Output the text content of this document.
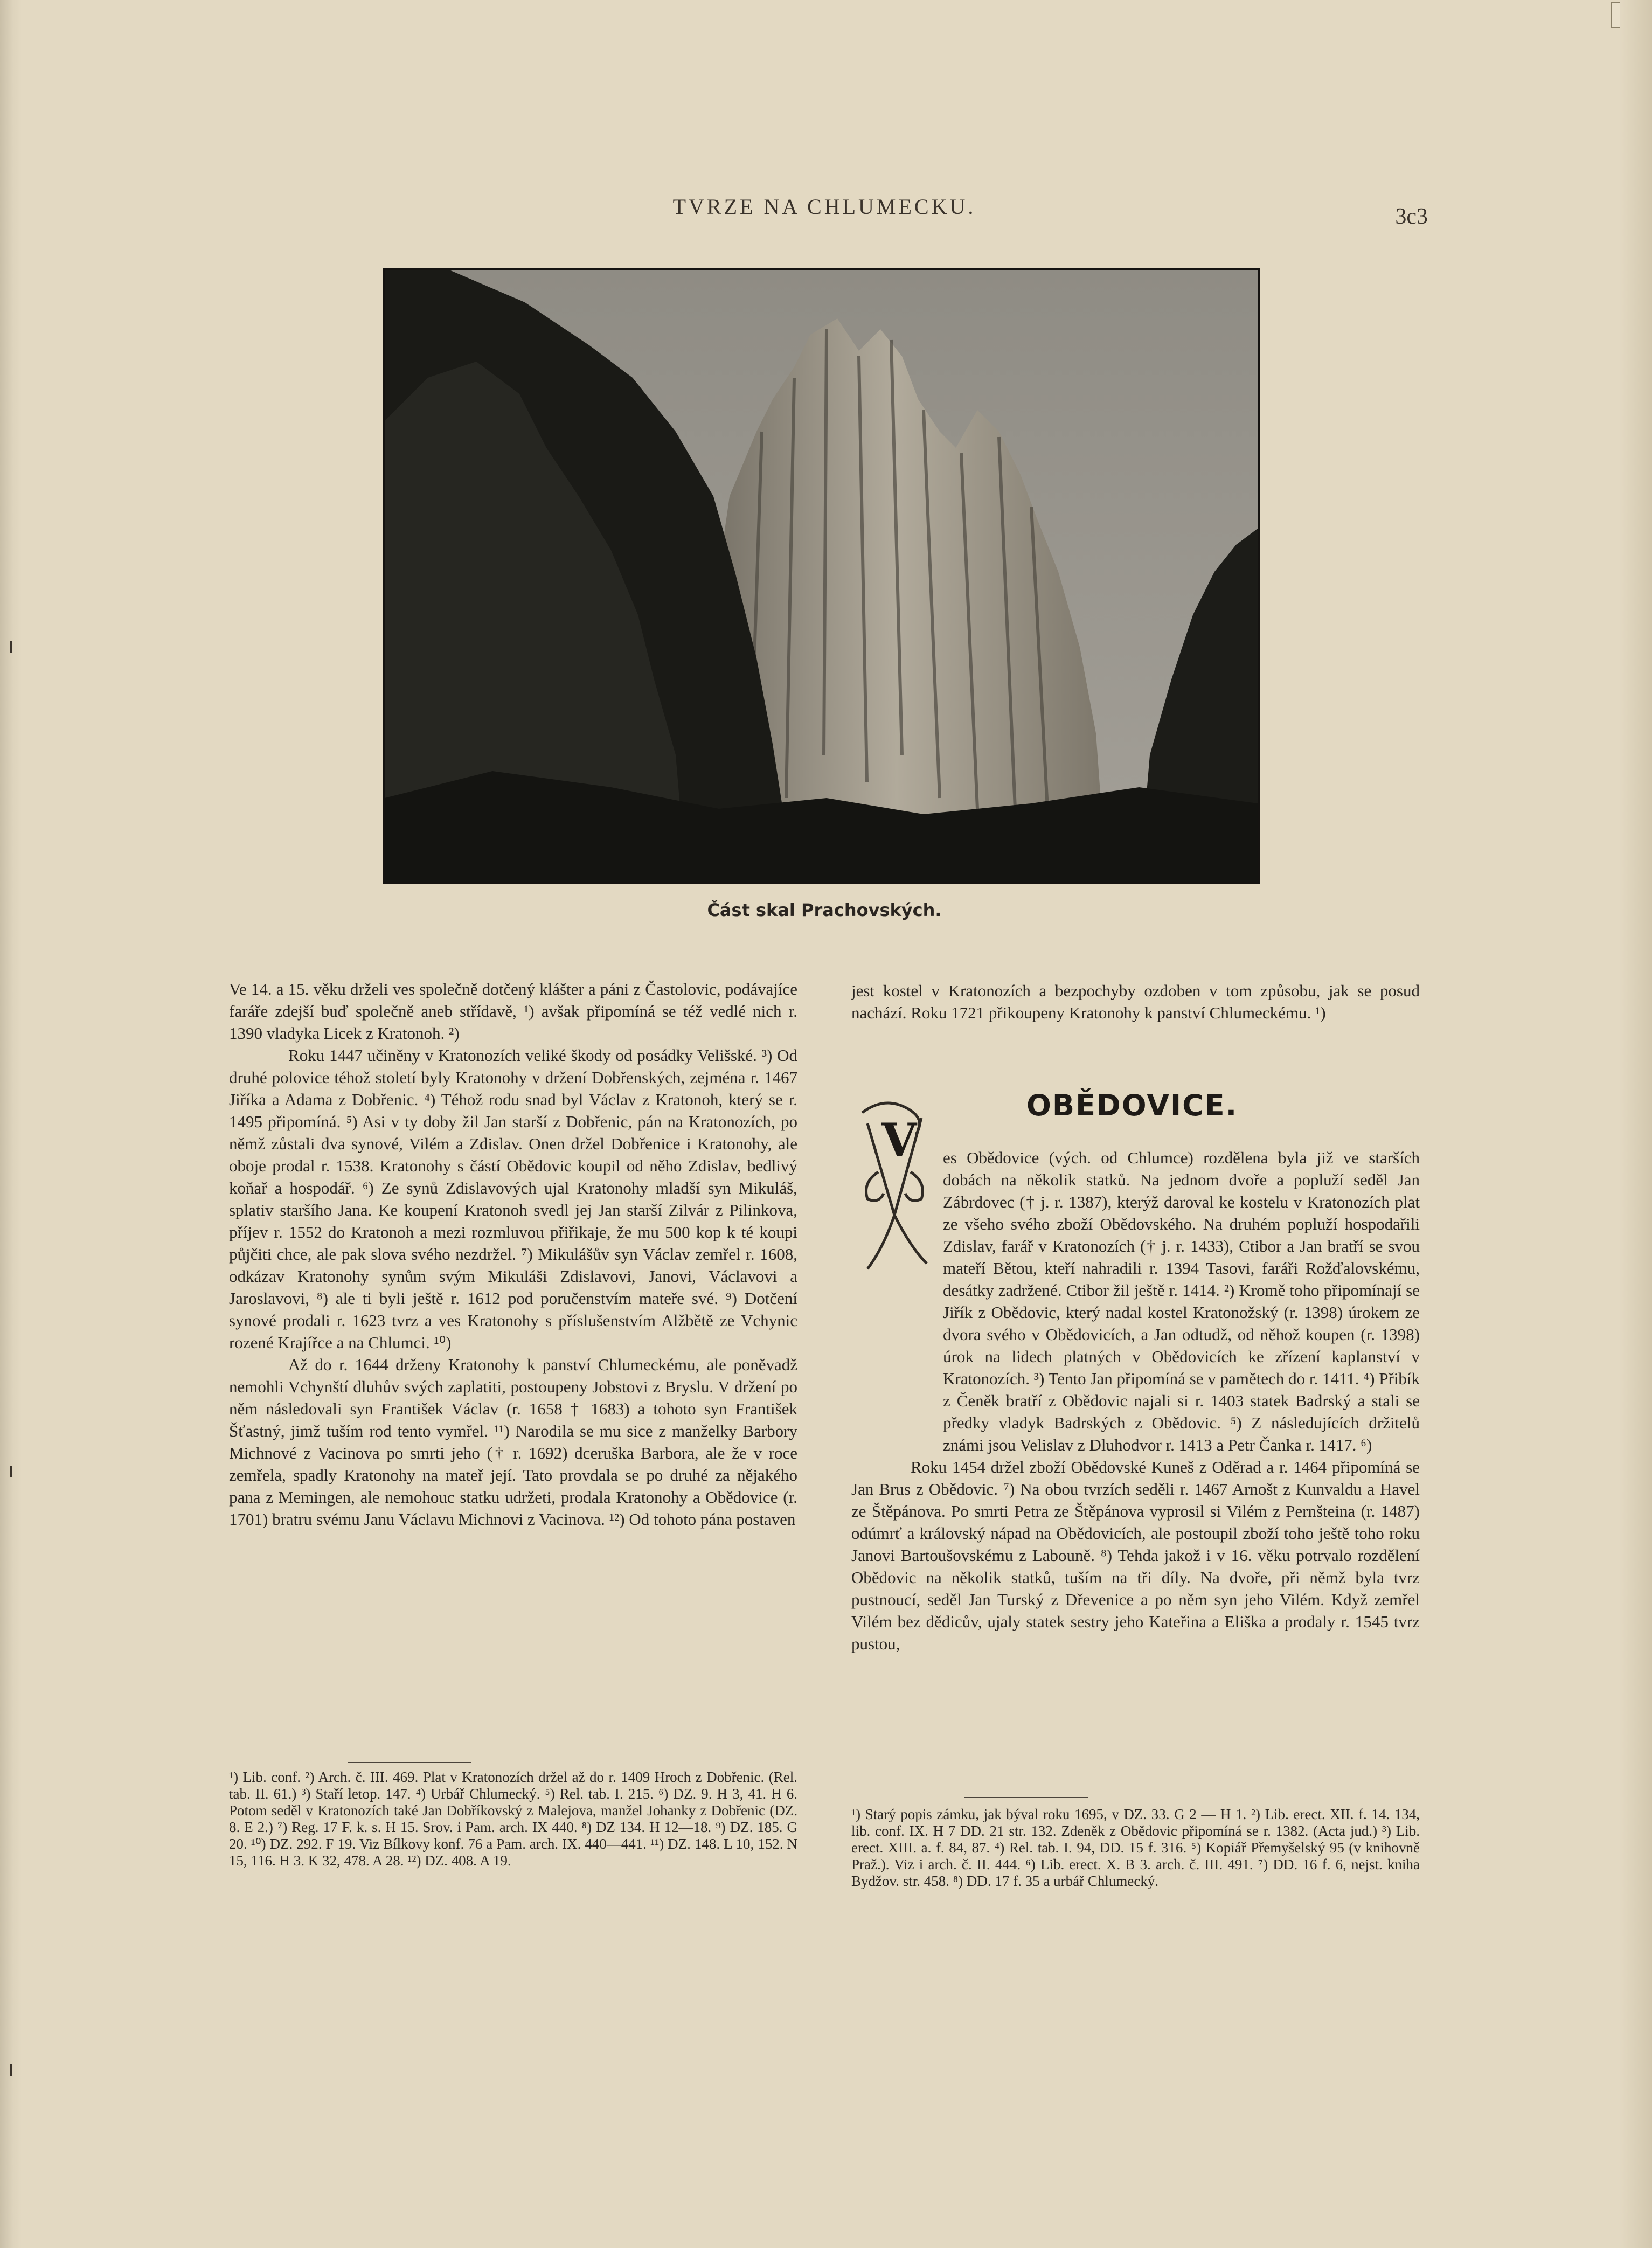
TVRZE NA CHLUMECKU.	3c3
Část skal Prachovských.

Ve 14. a 15. věku drželi ves společně dotčený klášter a páni z Častolovic, podávajíce faráře zdejší buď společně aneb střídavě, ¹) avšak připomíná se též vedlé nich r. 1390 vladyka Licek z Kratonoh. ²)

Roku 1447 učiněny v Kratonozích veliké škody od posádky Velišské. ³) Od druhé polovice téhož století byly Kratonohy v držení Dobřenských, zejména r. 1467 Jiříka a Adama z Dobřenic. ⁴) Téhož rodu snad byl Václav z Kratonoh, který se r. 1495 připomíná. ⁵) Asi v ty doby žil Jan starší z Dobřenic, pán na Kratonozích, po němž zůstali dva synové, Vilém a Zdislav. Onen držel Dobřenice i Kratonohy, ale oboje prodal r. 1538. Kratonohy s částí Obědovic koupil od něho Zdislav, bedlivý koňař a hospodář. ⁶) Ze synů Zdislavových ujal Kratonohy mladší syn Mikuláš, splativ staršího Jana. Ke koupení Kratonoh svedl jej Jan starší Zilvár z Pilinkova, příjev r. 1552 do Kratonoh a mezi rozmluvou přiřikaje, že mu 500 kop k té koupi půjčiti chce, ale pak slova svého nezdržel. ⁷) Mikulášův syn Václav zemřel r. 1608, odkázav Kratonohy synům svým Mikuláši Zdislavovi, Janovi, Václavovi a Jaroslavovi, ⁸) ale ti byli ještě r. 1612 pod poručenstvím mateře své. ⁹) Dotčení synové prodali r. 1623 tvrz a ves Kratonohy s příslušenstvím Alžbětě ze Vchynic rozené Krajířce a na Chlumci. ¹⁰)

Až do r. 1644 drženy Kratonohy k panství Chlumeckému, ale poněvadž nemohli Vchynští dluhův svých zaplatiti, postoupeny Jobstovi z Bryslu. V držení po něm následovali syn František Václav (r. 1658 † 1683) a tohoto syn František Šťastný, jimž tuším rod tento vymřel. ¹¹) Narodila se mu sice z manželky Barbory Michnové z Vacinova po smrti jeho († r. 1692) dceruška Barbora, ale že v roce zemřela, spadly Kratonohy na mateř její. Tato provdala se po druhé za nějakého pana z Memingen, ale nemohouc statku udržeti, prodala Kratonohy a Obědovice (r. 1701) bratru svému Janu Václavu Michnovi z Vacinova. ¹²) Od tohoto pána postaven

¹) Lib. conf. ²) Arch. č. III. 469. Plat v Kratonozích držel až do r. 1409 Hroch z Dobřenic. (Rel. tab. II. 61.) ³) Staří letop. 147. ⁴) Urbář Chlumecký. ⁵) Rel. tab. I. 215. ⁶) DZ. 9. H 3, 41. H 6. Potom seděl v Kratonozích také Jan Dobříkovský z Malejova, manžel Johanky z Dobřenic (DZ. 8. E 2.) ⁷) Reg. 17 F. k. s. H 15. Srov. i Pam. arch. IX 440. ⁸) DZ 134. H 12—18. ⁹) DZ. 185. G 20. ¹⁰) DZ. 292. F 19. Viz Bílkovy konf. 76 a Pam. arch. IX. 440—441. ¹¹) DZ. 148. L 10, 152. N 15, 116. H 3. K 32, 478. A 28. ¹²) DZ. 408. A 19.
jest kostel v Kratonozích a bezpochyby ozdoben v tom způsobu, jak se posud nachází. Roku 1721 přikoupeny Kratonohy k panství Chlumeckému. ¹)
OBĚDOVICE.
V es Obědovice (vých. od Chlumce) rozdělena byla již ve starších dobách na několik statků. Na jednom dvoře a popluží seděl Jan Zábrdovec († j. r. 1387), kterýž daroval ke kostelu v Kratonozích plat ze všeho svého zboží Obědovského. Na druhém popluží hospodařili Zdislav, farář v Kratonozích († j. r. 1433), Ctibor a Jan bratří se svou mateří Bětou, kteří nahradili r. 1394 Tasovi, faráři Rožďalovskému, desátky zadržené. Ctibor žil ještě r. 1414. ²) Kromě toho připomínají se Jiřík z Obědovic, který nadal kostel Kratonožský (r. 1398) úrokem ze dvora svého v Obědovicích, a Jan odtudž, od něhož koupen (r. 1398) úrok na lidech platných v Obědovicích ke zřízení kaplanství v Kratonozích. ³) Tento Jan připomíná se v pamětech do r. 1411. ⁴) Přibík z Čeněk bratří z Obědovic najali si r. 1403 statek Badrský a stali se předky vladyk Badrských z Obědovic. ⁵) Z následujících držitelů známi jsou Velislav z Dluhodvor r. 1413 a Petr Čanka r. 1417. ⁶)

Roku 1454 držel zboží Obědovské Kuneš z Oděrad a r. 1464 připomíná se Jan Brus z Obědovic. ⁷) Na obou tvrzích seděli r. 1467 Arnošt z Kunvaldu a Havel ze Štěpánova. Po smrti Petra ze Štěpánova vyprosil si Vilém z Pernšteina (r. 1487) odúmrť a královský nápad na Obědovicích, ale postoupil zboží toho ještě toho roku Janovi Bartoušovskému z Labouně. ⁸) Tehda jakož i v 16. věku potrvalo rozdělení Obědovic na několik statků, tuším na tři díly. Na dvoře, při němž byla tvrz pustnoucí, seděl Jan Turský z Dřevenice a po něm syn jeho Vilém. Když zemřel Vilém bez dědicův, ujaly statek sestry jeho Kateřina a Eliška a prodaly r. 1545 tvrz pustou,

¹) Starý popis zámku, jak býval roku 1695, v DZ. 33. G 2 — H 1. ²) Lib. erect. XII. f. 14. 134, lib. conf. IX. H 7 DD. 21 str. 132. Zdeněk z Obědovic připomíná se r. 1382. (Acta jud.) ³) Lib. erect. XIII. a. f. 84, 87. ⁴) Rel. tab. I. 94, DD. 15 f. 316. ⁵) Kopiář Přemyšelský 95 (v knihovně Praž.). Viz i arch. č. II. 444. ⁶) Lib. erect. X. B 3. arch. č. III. 491. ⁷) DD. 16 f. 6, nejst. kniha Bydžov. str. 458. ⁸) DD. 17 f. 35 a urbář Chlumecký.
